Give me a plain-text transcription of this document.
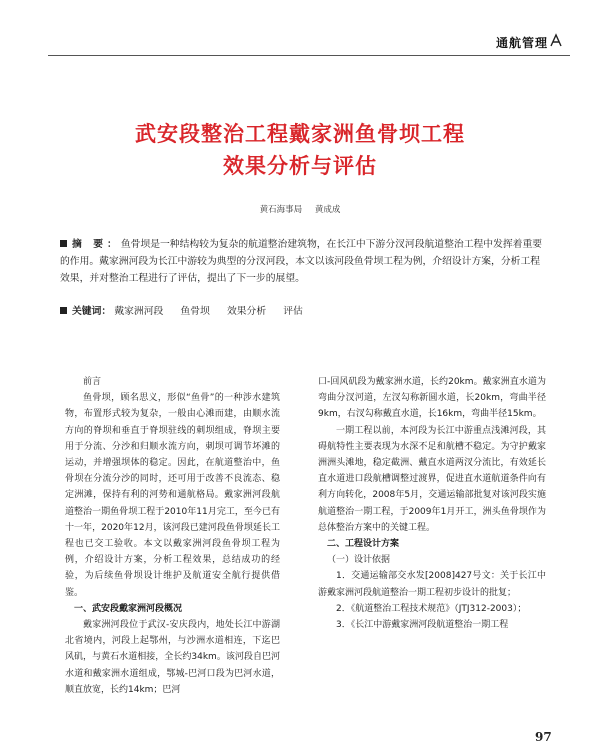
通航管理
武安段整治工程戴家洲鱼骨坝工程
效果分析与评估
黄石海事局 黄成成
摘 要：鱼骨坝是一种结构较为复杂的航道整治建筑物，在长江中下游分汊河段航道整治工程中发挥着重要的作用。戴家洲河段为长江中游较为典型的分汊河段，本文以该河段鱼骨坝工程为例，介绍设计方案，分析工程效果，并对整治工程进行了评估，提出了下一步的展望。
关键词： 戴家洲河段 鱼骨坝 效果分析 评估

前言

鱼骨坝，顾名思义，形似“鱼骨”的一种涉水建筑物，布置形式较为复杂，一般由心滩而建，由顺水流方向的脊坝和垂直于脊坝驻线的刺坝组成，脊坝主要用于分流、分沙和归顺水流方向，刺坝可调节坏滩的运动，并增强坝体的稳定。因此，在航道整治中，鱼骨坝在分流分沙的同时，还可用于改善不良流态、稳定洲滩，保持有利的河势和通航格局。戴家洲河段航道整治一期鱼骨坝工程于2010年11月完工，至今已有十一年，2020年12月，该河段已建河段鱼骨坝延长工程也已交工验收。本文以戴家洲河段鱼骨坝工程为例，介绍设计方案，分析工程效果，总结成功的经验，为后续鱼骨坝设计维护及航道安全航行提供借鉴。

一、武安段戴家洲河段概况

戴家洲河段位于武汉-安庆段内，地处长江中游湖北省境内，河段上起鄂州，与沙洲水道相连，下迄巴风矶，与黄石水道相接，全长约34km。该河段自巴河水道和戴家洲水道组成，鄂城-巴河口段为巴河水道，顺直放宽，长约14km；巴河

口-回风矶段为戴家洲水道，长约20km。戴家洲直水道为弯曲分汊河道，左汊勾称新圆水道，长20km，弯曲半径9km，右汊勾称戴直水道，长16km，弯曲半径15km。

一期工程以前，本河段为长江中游重点浅滩河段，其碍航特性主要表现为水深不足和航槽不稳定。为守护戴家洲洲头滩地，稳定截洲、戴直水道两汊分流比，有效延长直水道进口段航槽调整过渡界，促进直水道航道条件向有利方向转化，2008年5月，交通运输部批复对该河段实施航道整治一期工程，于2009年1月开工，洲头鱼骨坝作为总体整治方案中的关键工程。

二、工程设计方案

（一）设计依据

1．交通运输部交水发[2008]427号文：关于长江中游戴家洲河段航道整治一期工程初步设计的批复；

2．《航道整治工程技术规范》（JTJ312-2003）；

3．《长江中游戴家洲河段航道整治一期工程

97
